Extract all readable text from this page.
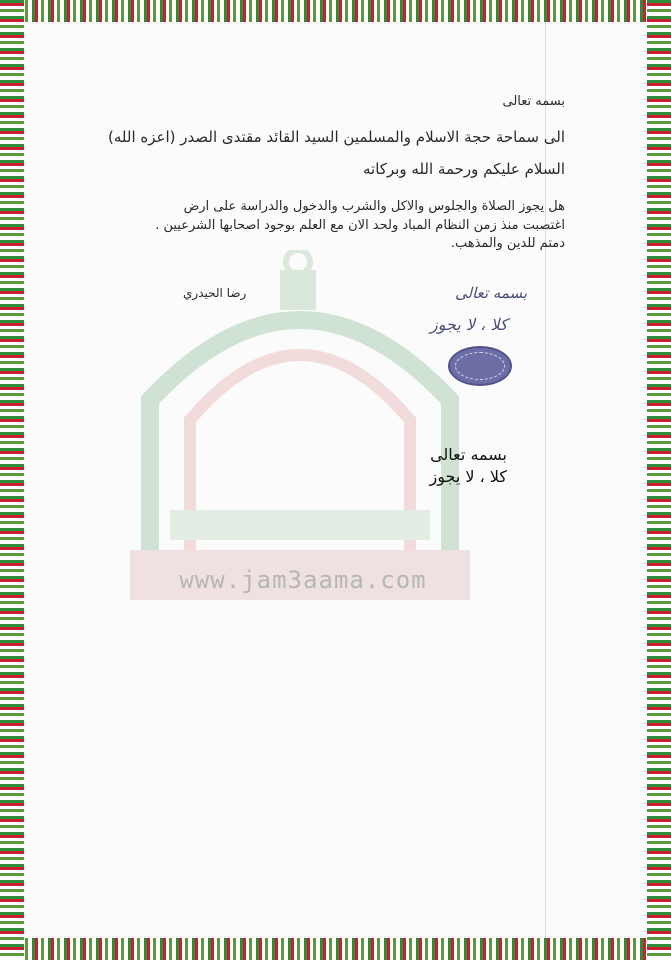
www.jam3aama.com
بسمه تعالى
الى سماحة حجة الاسلام والمسلمين السيد القائد مقتدى الصدر (اعزه الله)
السلام عليكم ورحمة الله وبركاته
هل يجوز الصلاة والجلوس والاكل والشرب والدخول والدراسة على ارض
اغتصبت منذ زمن النظام المباد ولحد الان مع العلم بوجود اصحابها الشرعيين .
دمتم للدين والمذهب.
رضا الحيدري	بسمه تعالى
كلا ، لا يجوز
بسمه تعالى
كلا ، لا يجوز
